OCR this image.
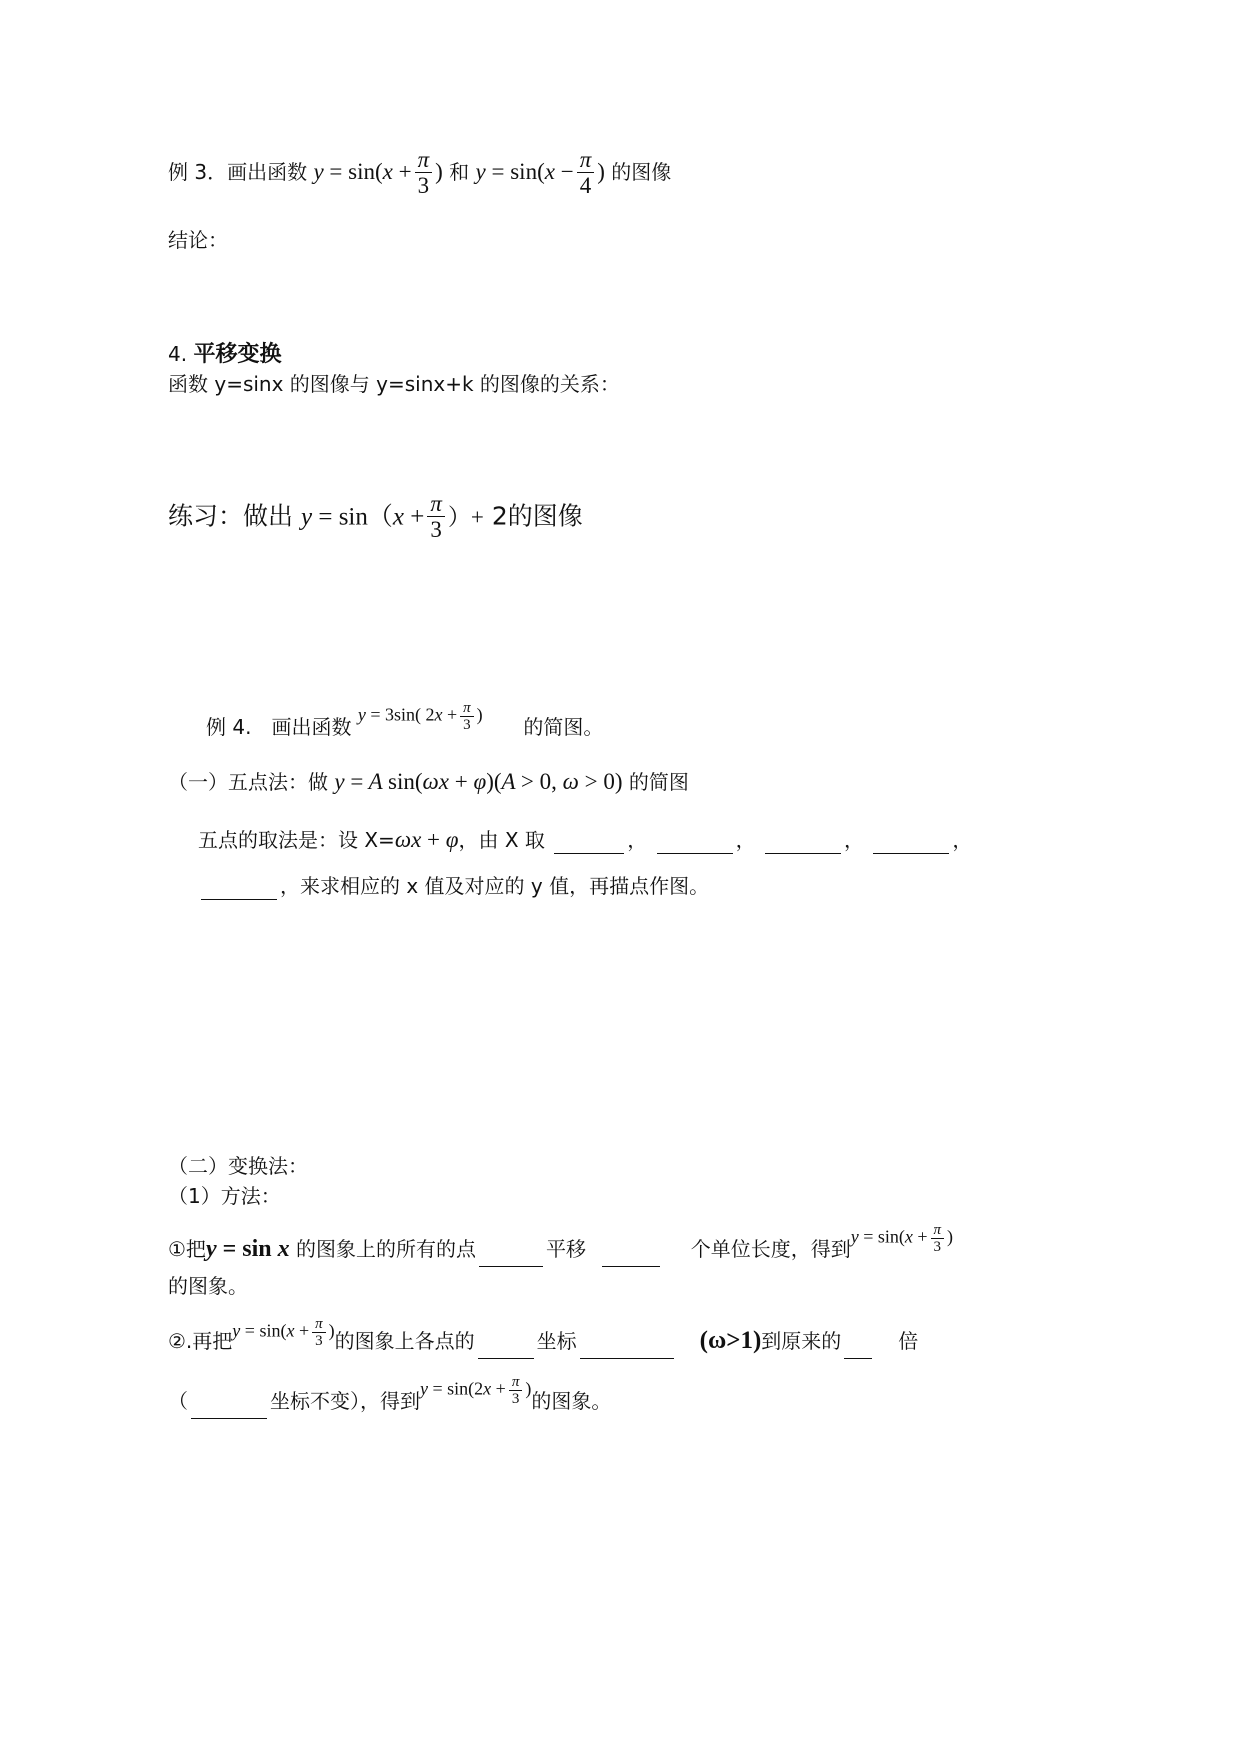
例 3．画出函数 $y = \sin(x + \frac{\pi}{3}$ ) 和 $y = \sin(x - \frac{\pi}{4}$ ) 的图像
结论：
4. 平移变换
函数 y=sinx 的图像与 y=sinx+k 的图像的关系：
练习：做出 $y = \sin(x + \frac{\pi}{3}$ ）+ 2的图像
例 4.　画出函数 y = 3sin( $2x + \frac{\pi}{3}$ )  的简图。
（一）五点法：做 y = A sin(ωx + φ)(A > 0, ω > 0) 的简图
五点的取法是：设 X=ωx + φ，由 X 取	，	，	，	，
，来求相应的 x 值及对应的 y 值，再描点作图。
（二）变换法：
（1）方法：
①把y = sin x 的图象上的所有的点	平移	个单位长度，得到$y = \sin(x + \frac{\pi}{3}$ )
的图象。
②.再把$y = \sin(x + \frac{\pi}{3}$ )的图象上各点的	坐标	(ω>1)到原来的	倍
（	坐标不变），得到$y = \sin(2x + \frac{\pi}{3}$ )的图象。
